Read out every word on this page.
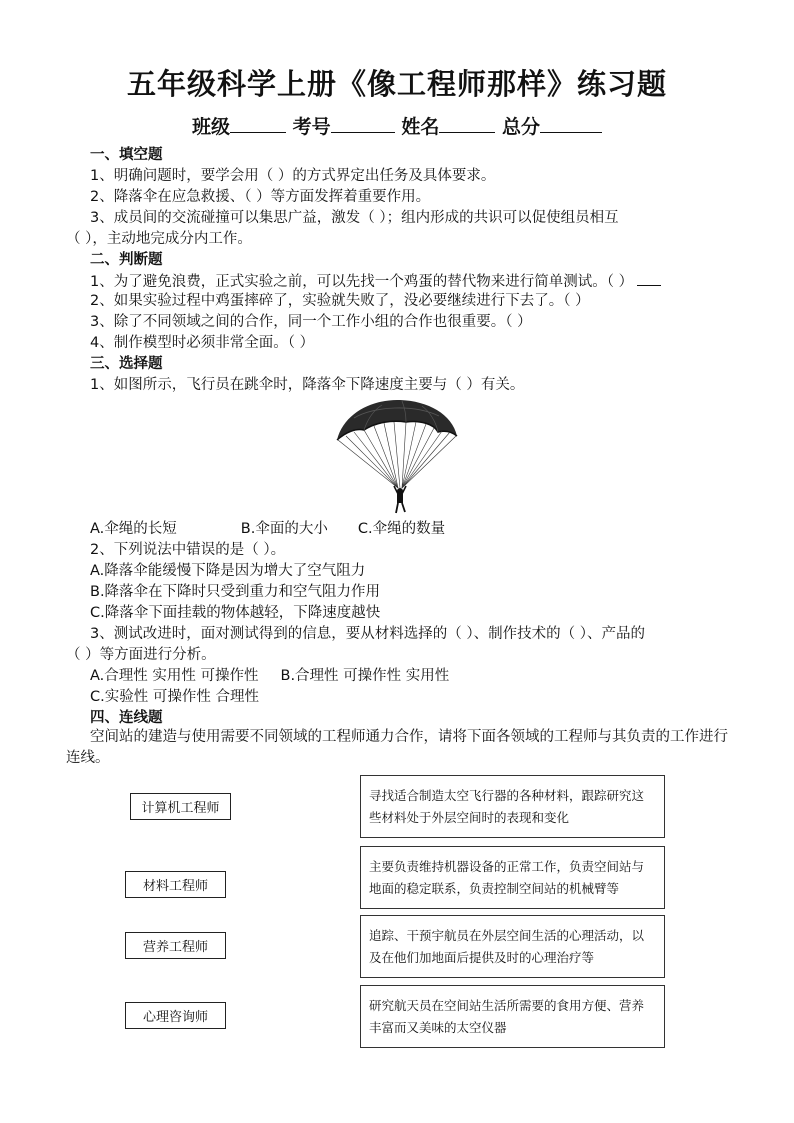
五年级科学上册《像工程师那样》练习题
班级	考号	姓名	总分
一、填空题
1、明确问题时，要学会用（ ）的方式界定出任务及具体要求。
2、降落伞在应急救援、（ ）等方面发挥着重要作用。
3、成员间的交流碰撞可以集思广益，激发（ ）；组内形成的共识可以促使组员相互
（ ），主动地完成分内工作。
二、判断题
1、为了避免浪费，正式实验之前，可以先找一个鸡蛋的替代物来进行简单测试。（ ）
2、如果实验过程中鸡蛋摔碎了，实验就失败了，没必要继续进行下去了。（ ）
3、除了不同领域之间的合作，同一个工作小组的合作也很重要。（ ）
4、制作模型时必须非常全面。（ ）
三、选择题
1、如图所示，飞行员在跳伞时，降落伞下降速度主要与（ ）有关。
A.伞绳的长短	B.伞面的大小 C.伞绳的数量
2、下列说法中错误的是（ ）。
A.降落伞能缓慢下降是因为增大了空气阻力
B.降落伞在下降时只受到重力和空气阻力作用
C.降落伞下面挂载的物体越轻，下降速度越快
3、测试改进时，面对测试得到的信息，要从材料选择的（ ）、制作技术的（ ）、产品的
（ ）等方面进行分析。
A.合理性 实用性 可操作性 B.合理性 可操作性 实用性
C.实验性 可操作性 合理性
四、连线题
空间站的建造与使用需要不同领域的工程师通力合作，请将下面各领域的工程师与其负责的工作进行连线。
计算机工程师
材料工程师
营养工程师
心理咨询师
寻找适合制造太空飞行器的各种材料，跟踪研究这些材料处于外层空间时的表现和变化
主要负责维持机器设备的正常工作，负责空间站与地面的稳定联系，负责控制空间站的机械臂等
追踪、干预宇航员在外层空间生活的心理活动，以及在他们加地面后提供及时的心理治疗等
研究航天员在空间站生活所需要的食用方便、营养丰富而又美味的太空仪器
